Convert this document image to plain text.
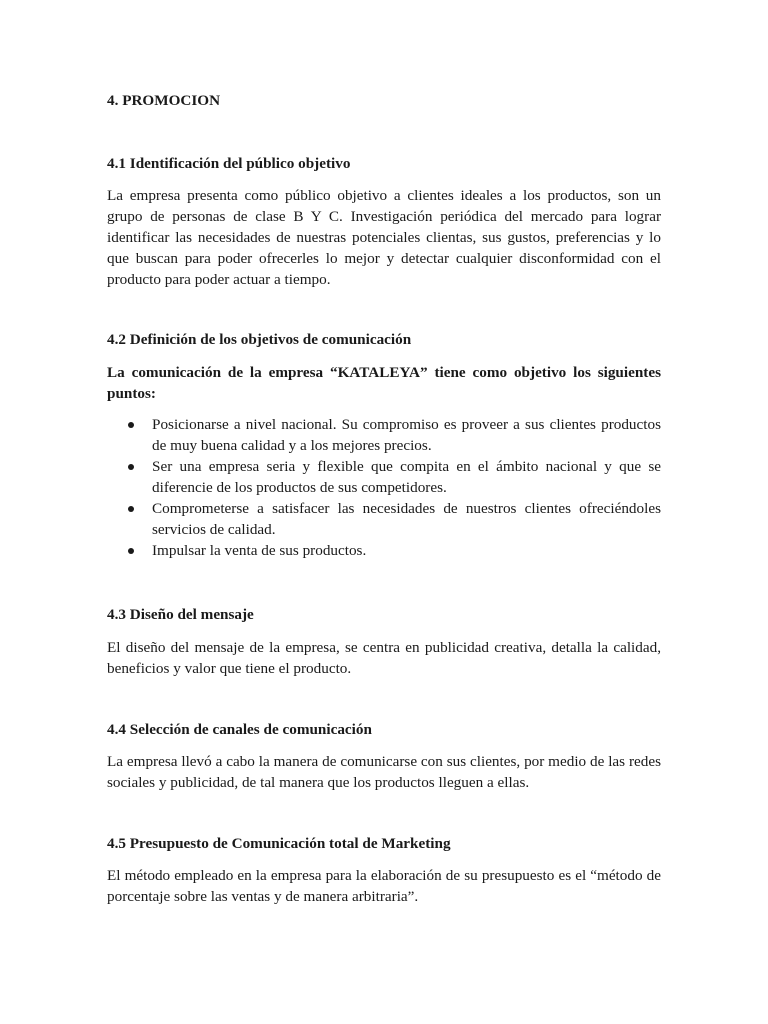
4. PROMOCION
4.1 Identificación del público objetivo

La empresa presenta como público objetivo a clientes ideales a los productos, son un grupo de personas de clase B Y C. Investigación periódica del mercado para lograr identificar las necesidades de nuestras potenciales clientas, sus gustos, preferencias y lo que buscan para poder ofrecerles lo mejor y detectar cualquier disconformidad con el producto para poder actuar a tiempo.

4.2 Definición de los objetivos de comunicación

La comunicación de la empresa “KATALEYA” tiene como objetivo los siguientes puntos:

Posicionarse a nivel nacional. Su compromiso es proveer a sus clientes productos de muy buena calidad y a los mejores precios.
Ser una empresa seria y flexible que compita en el ámbito nacional y que se diferencie de los productos de sus competidores.
Comprometerse a satisfacer las necesidades de nuestros clientes ofreciéndoles servicios de calidad.
Impulsar la venta de sus productos.
4.3 Diseño del mensaje

El diseño del mensaje de la empresa, se centra en publicidad creativa, detalla la calidad, beneficios y valor que tiene el producto.

4.4 Selección de canales de comunicación

La empresa llevó a cabo la manera de comunicarse con sus clientes, por medio de las redes sociales y publicidad, de tal manera que los productos lleguen a ellas.

4.5 Presupuesto de Comunicación total de Marketing

El método empleado en la empresa para la elaboración de su presupuesto es el “método de porcentaje sobre las ventas y de manera arbitraria”.
